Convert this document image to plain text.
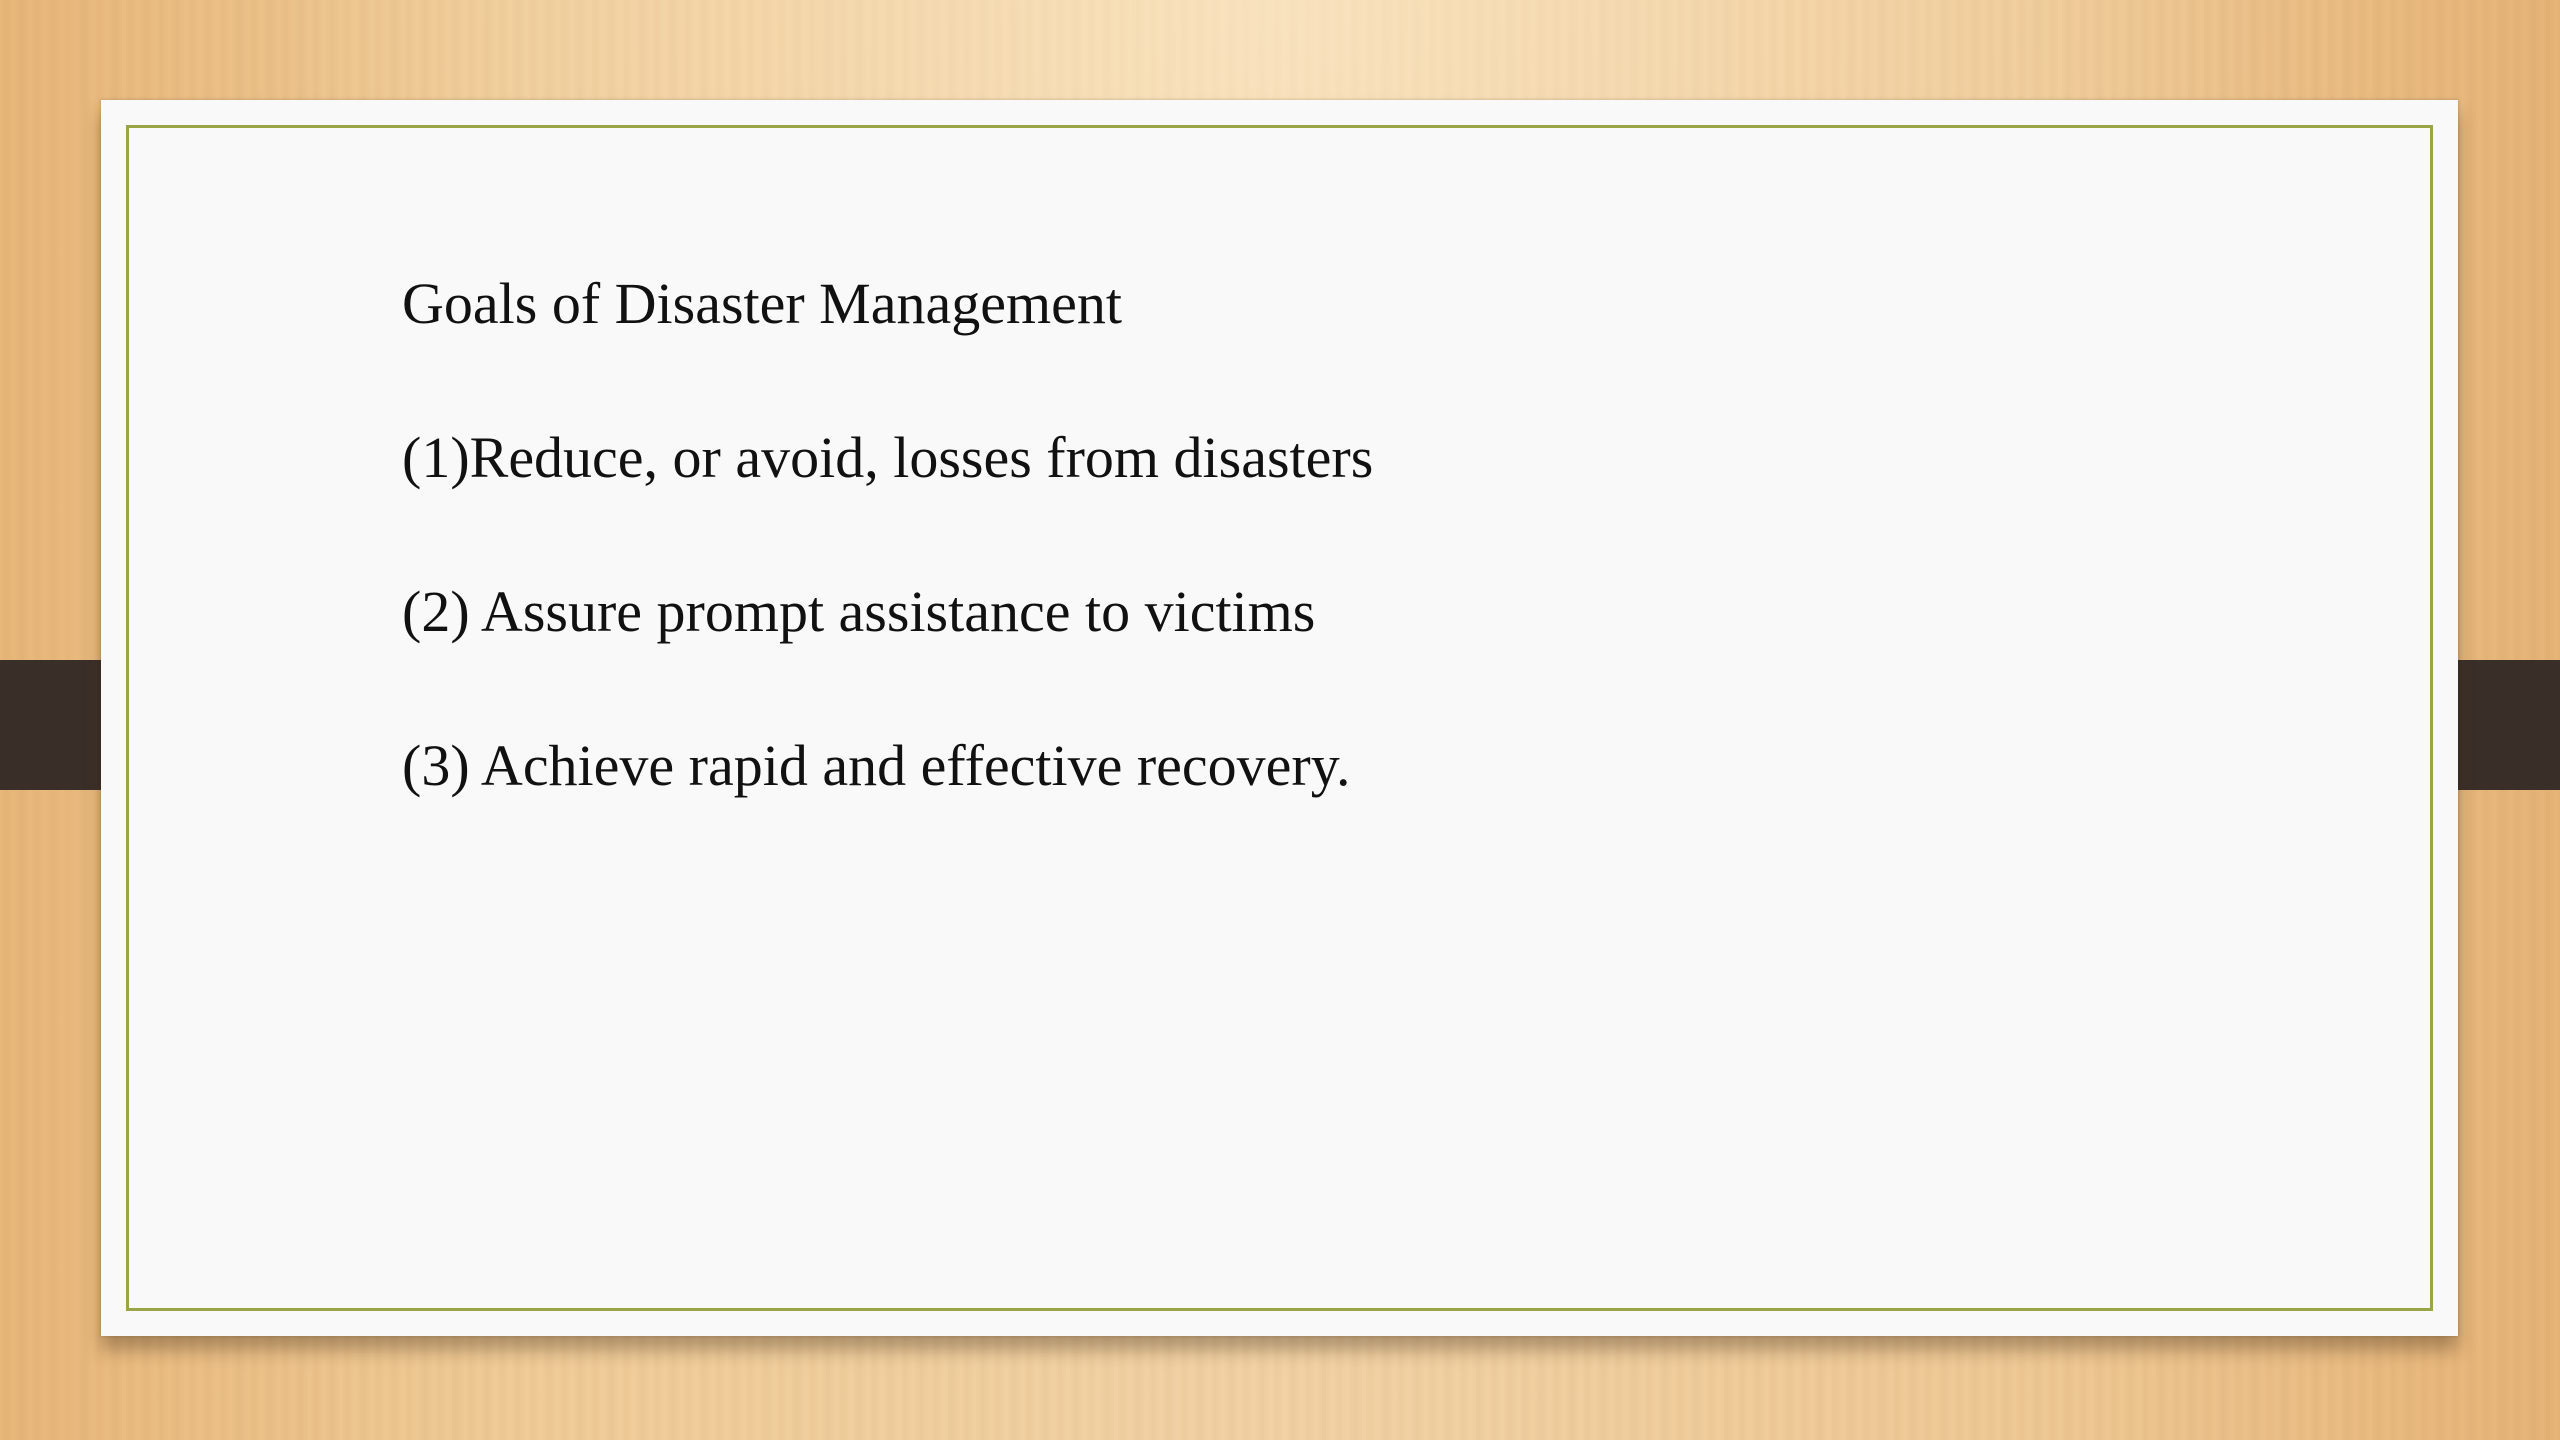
Goals of Disaster Management
(1)Reduce, or avoid, losses from disasters
(2) Assure prompt assistance to victims
(3) Achieve rapid and effective recovery.
